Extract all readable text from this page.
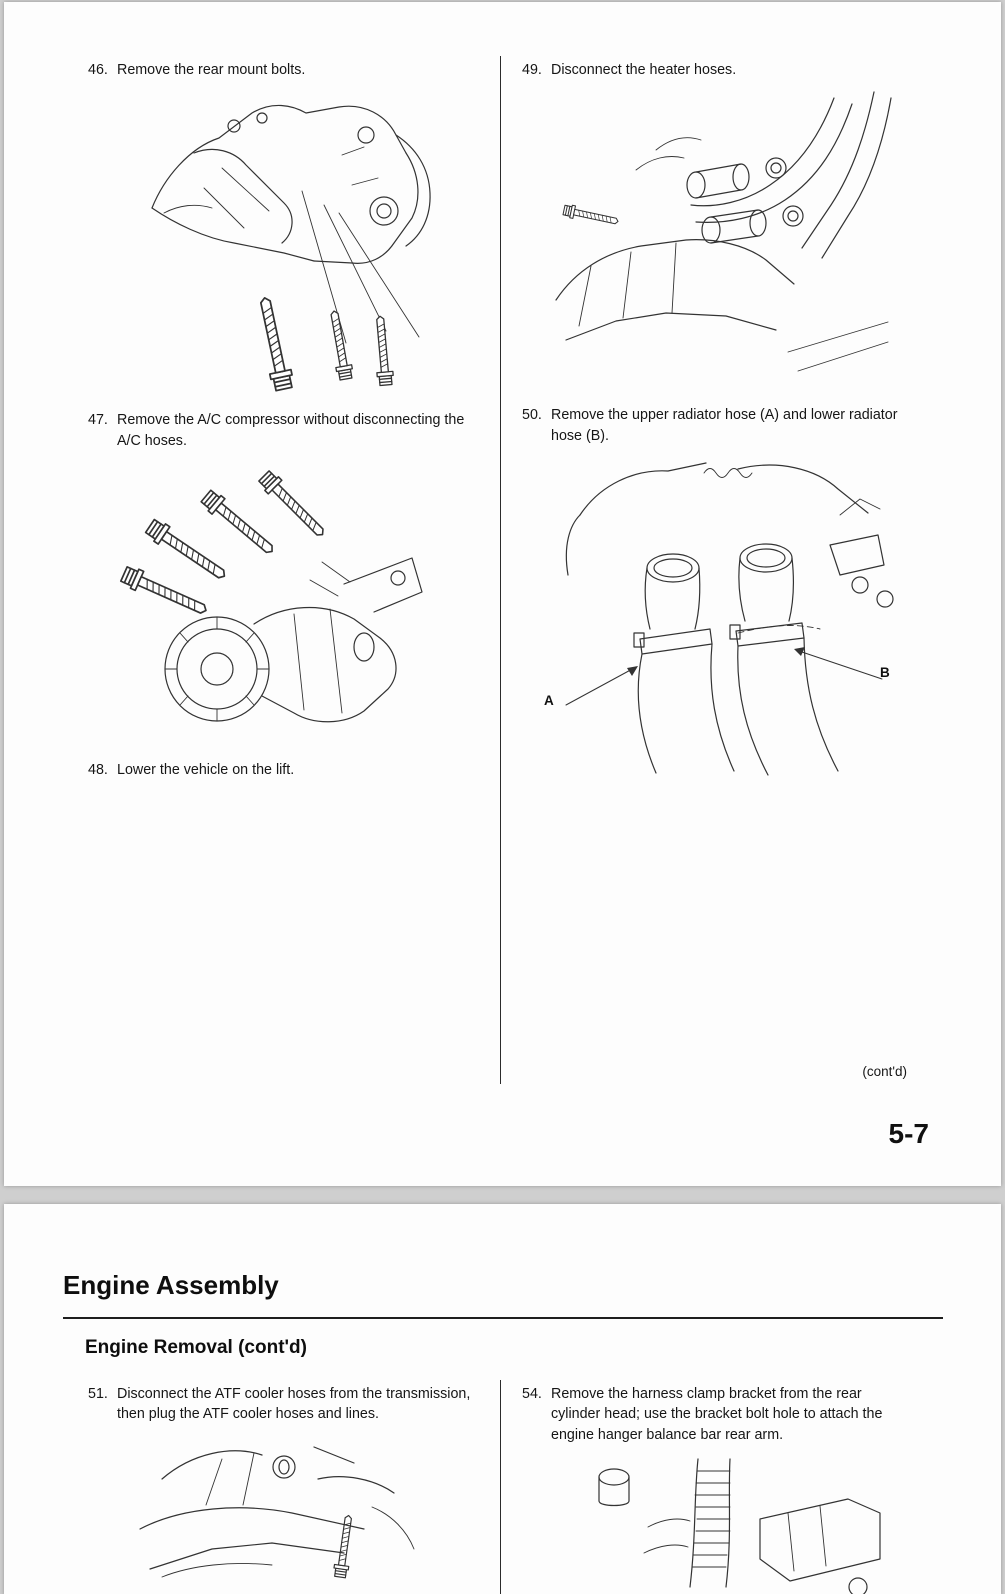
46. Remove the rear mount bolts.
47. Remove the A/C compressor without disconnecting the A/C hoses.
48. Lower the vehicle on the lift.
49. Disconnect the heater hoses.
50. Remove the upper radiator hose (A) and lower radiator hose (B).
A
B
(cont'd)
5-7
Engine Assembly
Engine Removal (cont'd)
51. Disconnect the ATF cooler hoses from the transmission, then plug the ATF cooler hoses and lines.
54. Remove the harness clamp bracket from the rear cylinder head; use the bracket bolt hole to attach the engine hanger balance bar rear arm.
